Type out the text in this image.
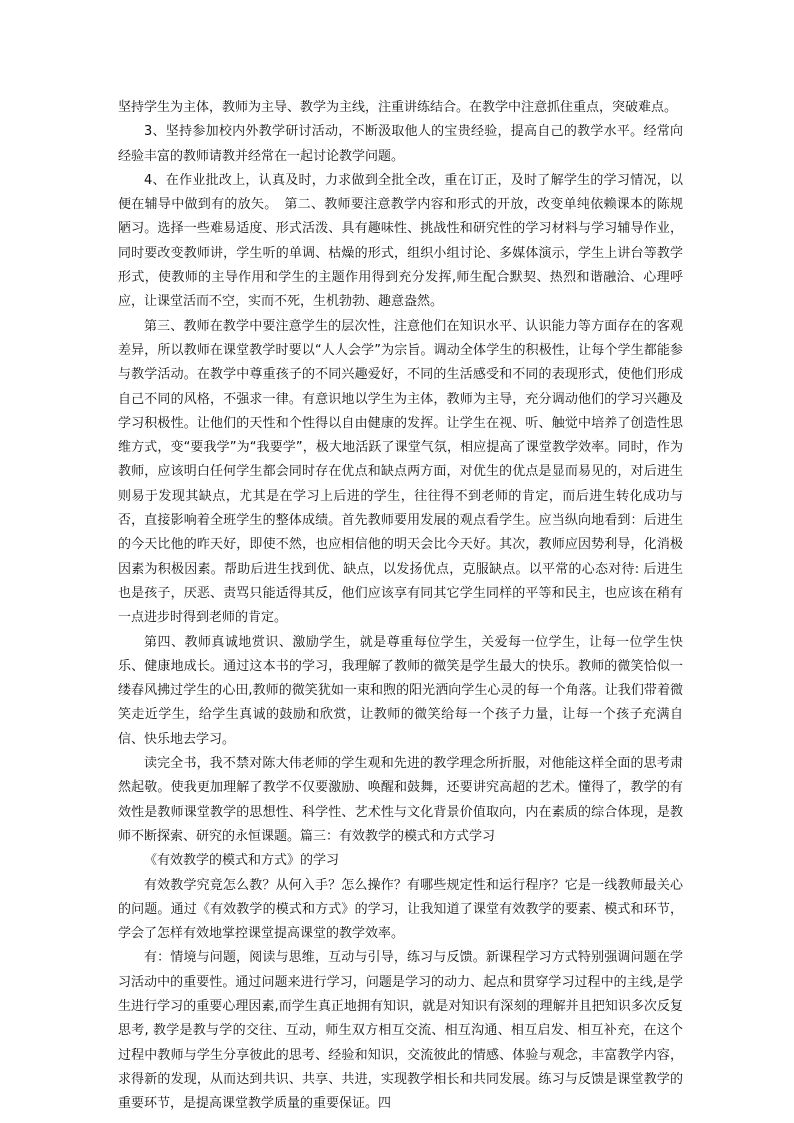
坚持学生为主体，教师为主导、教学为主线，注重讲练结合。在教学中注意抓住重点，突破难点。

3、坚持参加校内外教学研讨活动，不断汲取他人的宝贵经验，提高自己的教学水平。经常向经验丰富的教师请教并经常在一起讨论教学问题。

4、在作业批改上，认真及时，力求做到全批全改，重在订正，及时了解学生的学习情况，以便在辅导中做到有的放矢。　第二、教师要注意教学内容和形式的开放，改变单纯依赖课本的陈规陋习。选择一些难易适度、形式活泼、具有趣味性、挑战性和研究性的学习材料与学习辅导作业，同时要改变教师讲，学生听的单调、枯燥的形式，组织小组讨论、多媒体演示，学生上讲台等教学形式，使教师的主导作用和学生的主题作用得到充分发挥,师生配合默契、热烈和谐融洽、心理呼应，让课堂活而不空，实而不死，生机勃勃、趣意盎然。

第三、教师在教学中要注意学生的层次性，注意他们在知识水平、认识能力等方面存在的客观差异，所以教师在课堂教学时要以“人人会学”为宗旨。调动全体学生的积极性，让每个学生都能参与教学活动。在教学中尊重孩子的不同兴趣爱好，不同的生活感受和不同的表现形式，使他们形成自己不同的风格，不强求一律。有意识地以学生为主体，教师为主导，充分调动他们的学习兴趣及学习积极性。让他们的天性和个性得以自由健康的发挥。让学生在视、听、触觉中培养了创造性思维方式，变“要我学”为“我要学”，极大地活跃了课堂气氛，相应提高了课堂教学效率。同时，作为教师，应该明白任何学生都会同时存在优点和缺点两方面，对优生的优点是显而易见的，对后进生则易于发现其缺点，尤其是在学习上后进的学生，往往得不到老师的肯定，而后进生转化成功与否，直接影响着全班学生的整体成绩。首先教师要用发展的观点看学生。应当纵向地看到：后进生的今天比他的昨天好，即使不然，也应相信他的明天会比今天好。其次，教师应因势利导，化消极因素为积极因素。帮助后进生找到优、缺点，以发扬优点，克服缺点。以平常的心态对待: 后进生也是孩子，厌恶、责骂只能适得其反，他们应该享有同其它学生同样的平等和民主，也应该在稍有一点进步时得到老师的肯定。

第四、教师真诚地赏识、激励学生，就是尊重每位学生，关爱每一位学生，让每一位学生快乐、健康地成长。通过这本书的学习，我理解了教师的微笑是学生最大的快乐。教师的微笑恰似一缕春风拂过学生的心田,教师的微笑犹如一束和煦的阳光洒向学生心灵的每一个角落。让我们带着微笑走近学生，给学生真诚的鼓励和欣赏，让教师的微笑给每一个孩子力量，让每一个孩子充满自信、快乐地去学习。

读完全书，我不禁对陈大伟老师的学生观和先进的教学理念所折服，对他能这样全面的思考肃然起敬。使我更加理解了教学不仅要激励、唤醒和鼓舞，还要讲究高超的艺术。懂得了，教学的有效性是教师课堂教学的思想性、科学性、艺术性与文化背景价值取向，内在素质的综合体现，是教师不断探索、研究的永恒课题。篇三：有效教学的模式和方式学习

《有效教学的模式和方式》的学习

有效教学究竟怎么教？从何入手？怎么操作？有哪些规定性和运行程序？它是一线教师最关心的问题。通过《有效教学的模式和方式》的学习，让我知道了课堂有效教学的要素、模式和环节，学会了怎样有效地掌控课堂提高课堂的教学效率。

有：情境与问题，阅读与思维，互动与引导，练习与反馈。新课程学习方式特别强调问题在学习活动中的重要性。通过问题来进行学习，问题是学习的动力、起点和贯穿学习过程中的主线,是学生进行学习的重要心理因素,而学生真正地拥有知识，就是对知识有深刻的理解并且把知识多次反复思考, 教学是教与学的交往、互动，师生双方相互交流、相互沟通、相互启发、相互补充，在这个过程中教师与学生分享彼此的思考、经验和知识，交流彼此的情感、体验与观念，丰富教学内容，求得新的发现，从而达到共识、共享、共进，实现教学相长和共同发展。练习与反馈是课堂教学的重要环节，是提高课堂教学质量的重要保证。四
